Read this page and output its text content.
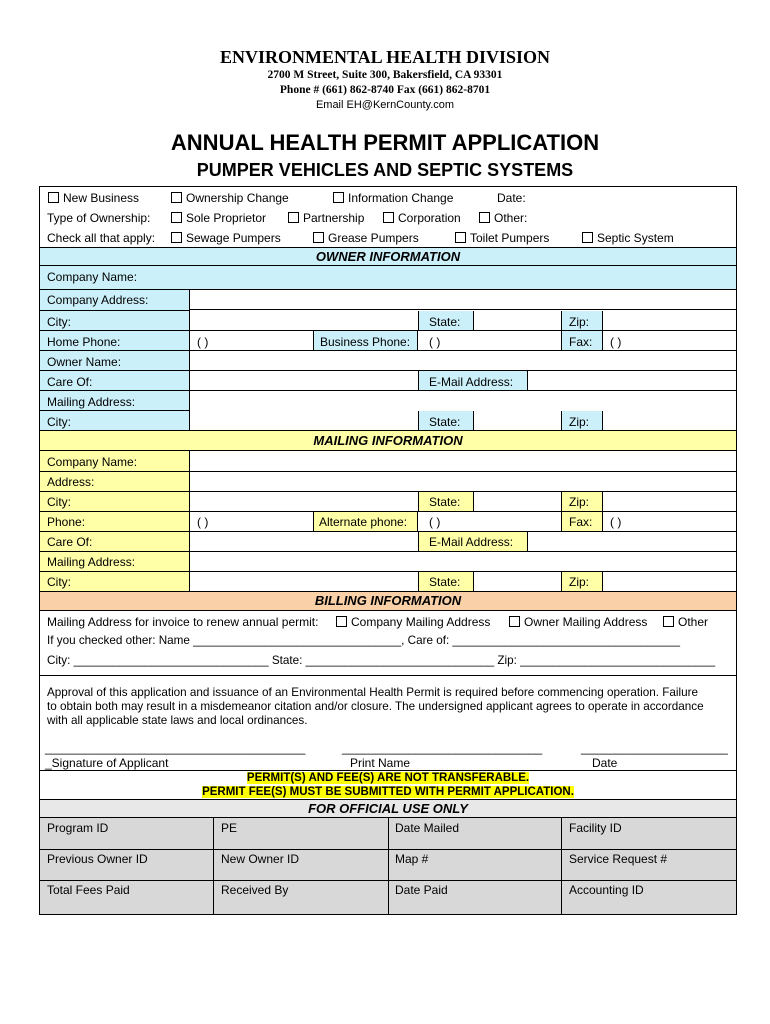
ENVIRONMENTAL HEALTH DIVISION
2700 M Street, Suite 300, Bakersfield, CA 93301
Phone # (661) 862-8740 Fax (661) 862-8701
Email EH@KernCounty.com
ANNUAL HEALTH PERMIT APPLICATION
PUMPER VEHICLES AND SEPTIC SYSTEMS
New Business	Ownership Change	Information Change	Date:
Type of Ownership:	Sole Proprietor	Partnership	Corporation	Other:
Check all that apply:	Sewage Pumpers	Grease Pumpers	Toilet Pumpers	Septic System
OWNER INFORMATION
Company Name:
Company Address:
City:	State:	Zip:
Home Phone:	( )	Business Phone: ( )	Fax: ( )
Owner Name:
Care Of:	E-Mail Address:
Mailing Address:
City:	State:	Zip:
MAILING INFORMATION
Company Name:
Address:
City:	State:	Zip:
Phone:	( )	Alternate phone: ( )	Fax: ( )
Care Of:	E-Mail Address:
Mailing Address:
City:	State:	Zip:
BILLING INFORMATION
Mailing Address for invoice to renew annual permit:	Company Mailing Address	Owner Mailing Address	Other
If you checked other: Name ________________________________, Care of: ___________________________________
City: ______________________________ State: _____________________________ Zip: ______________________________
Approval of this application and issuance of an Environmental Health Permit is required before commencing operation. Failure
to obtain both may result in a misdemeanor citation and/or closure. The undersigned applicant agrees to operate in accordance
with all applicable state laws and local ordinances.
_______________________________________	______________________________	______________________
_Signature of Applicant	Print Name	Date
PERMIT(S) AND FEE(S) ARE NOT TRANSFERABLE.
PERMIT FEE(S) MUST BE SUBMITTED WITH PERMIT APPLICATION.
FOR OFFICIAL USE ONLY
Program ID	PE	Date Mailed	Facility ID
Previous Owner ID	New Owner ID	Map #	Service Request #
Total Fees Paid	Received By	Date Paid	Accounting ID
